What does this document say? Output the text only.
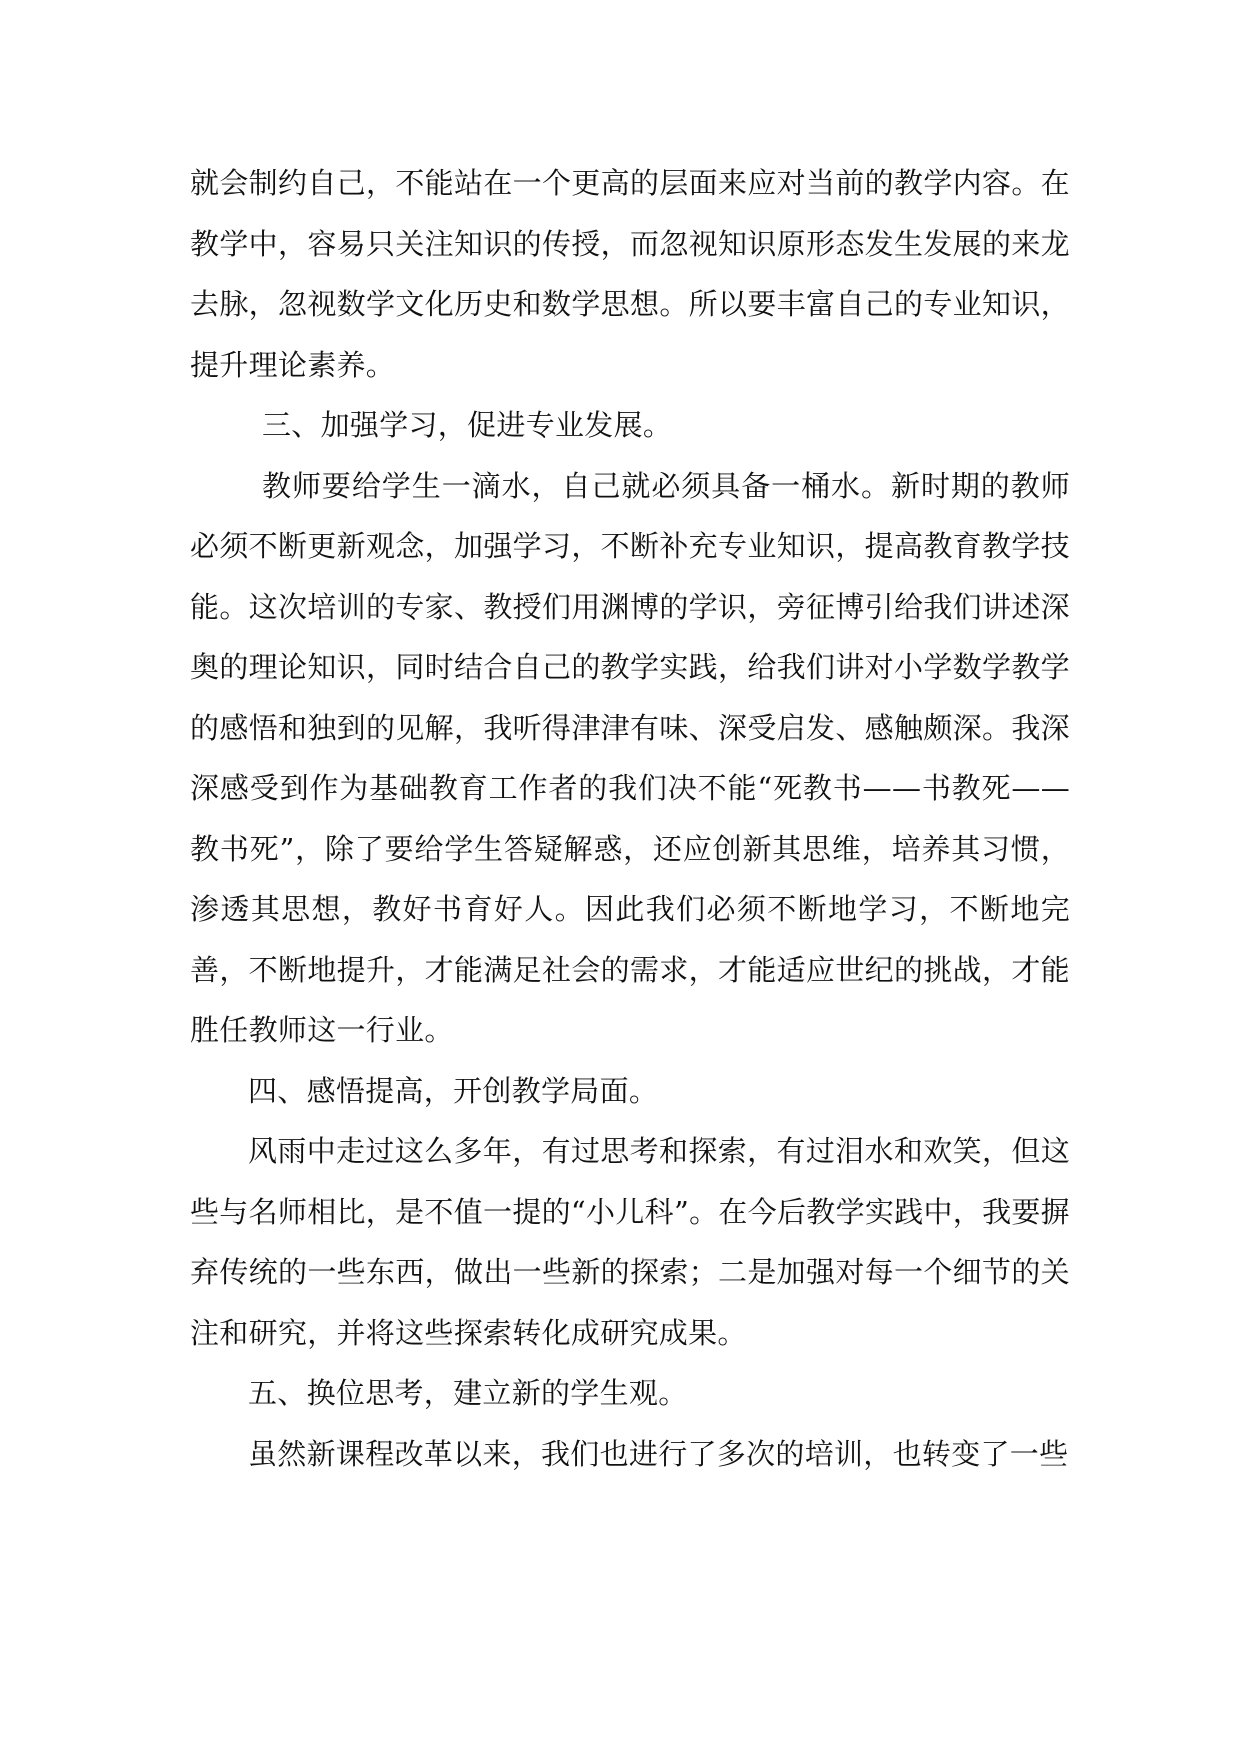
就会制约自己，不能站在一个更高的层面来应对当前的教学内容。在教学中，容易只关注知识的传授，而忽视知识原形态发生发展的来龙去脉，忽视数学文化历史和数学思想。所以要丰富自己的专业知识，提升理论素养。

三、加强学习，促进专业发展。

教师要给学生一滴水，自己就必须具备一桶水。新时期的教师必须不断更新观念，加强学习，不断补充专业知识，提高教育教学技能。这次培训的专家、教授们用渊博的学识，旁征博引给我们讲述深奥的理论知识，同时结合自己的教学实践，给我们讲对小学数学教学的感悟和独到的见解，我听得津津有味、深受启发、感触颇深。我深深感受到作为基础教育工作者的我们决不能“死教书——书教死——教书死”，除了要给学生答疑解惑，还应创新其思维，培养其习惯，渗透其思想，教好书育好人。因此我们必须不断地学习，不断地完善，不断地提升，才能满足社会的需求，才能适应世纪的挑战，才能胜任教师这一行业。

四、感悟提高，开创教学局面。

风雨中走过这么多年，有过思考和探索，有过泪水和欢笑，但这些与名师相比，是不值一提的“小儿科”。在今后教学实践中，我要摒弃传统的一些东西，做出一些新的探索；二是加强对每一个细节的关注和研究，并将这些探索转化成研究成果。

五、换位思考，建立新的学生观。

虽然新课程改革以来，我们也进行了多次的培训，也转变了一些
